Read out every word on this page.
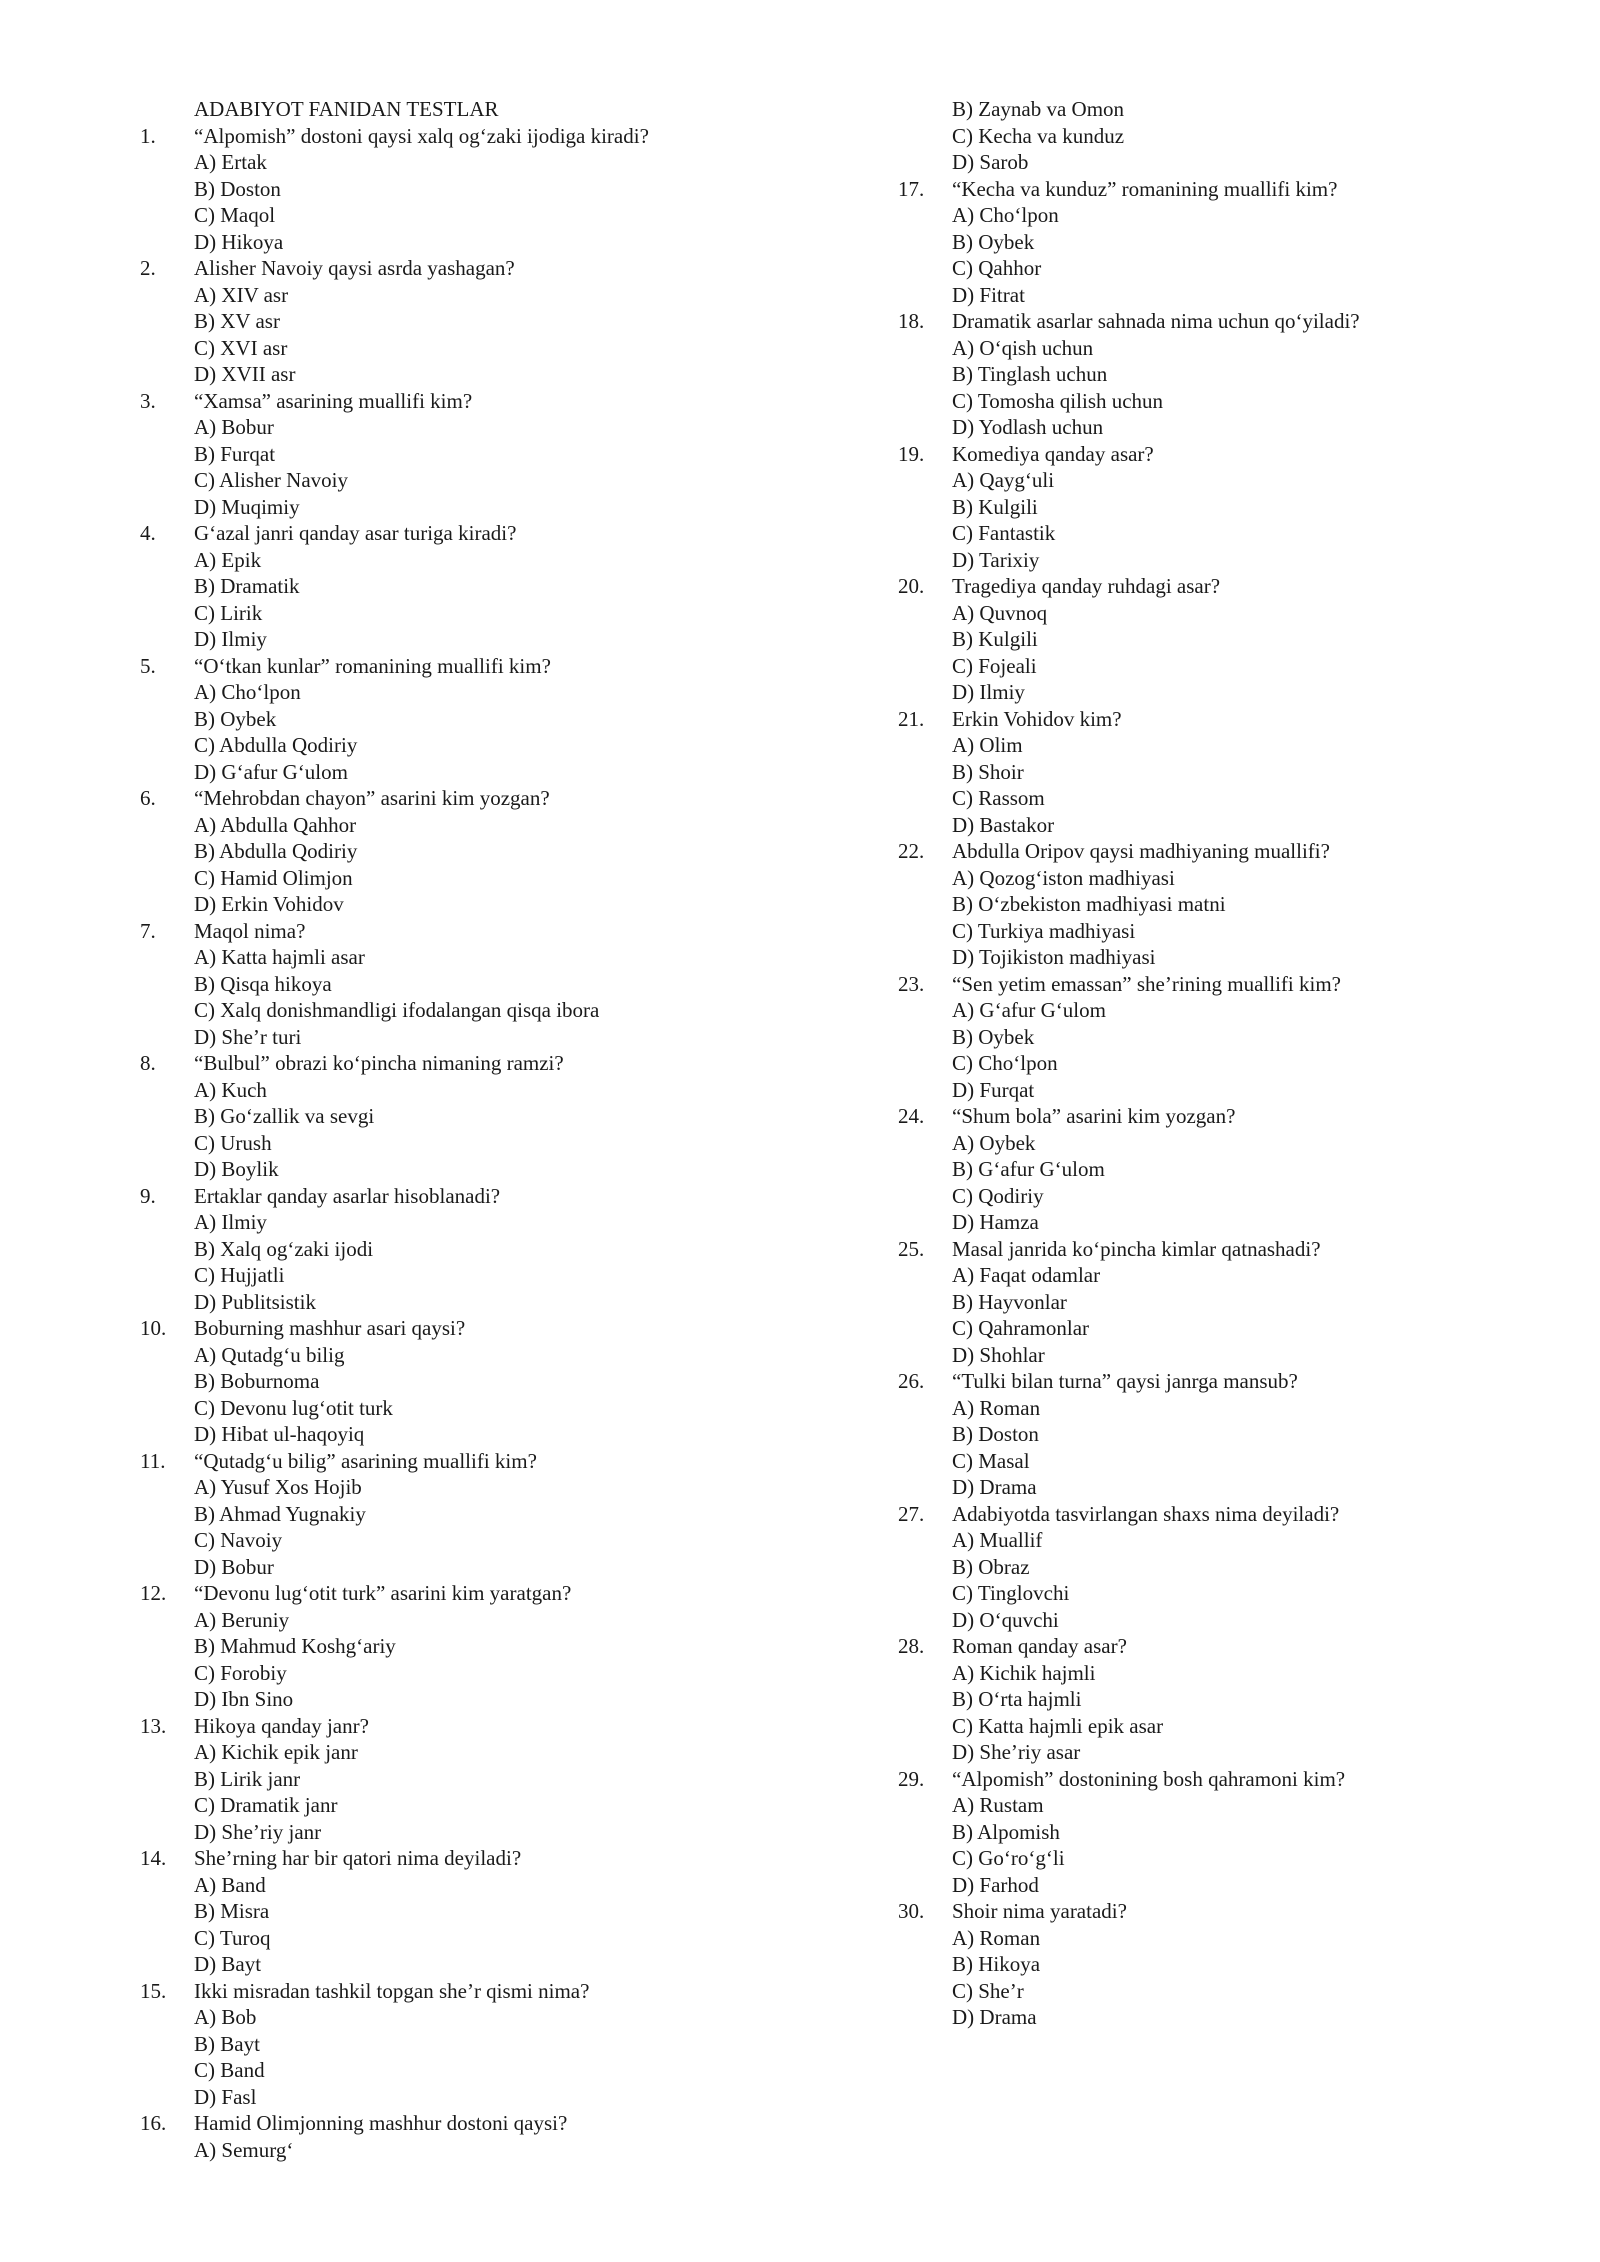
ADABIYOT FANIDAN TESTLAR
1. “Alpomish” dostoni qaysi xalq og‘zaki ijodiga kiradi?
A) Ertak
B) Doston
C) Maqol
D) Hikoya
2. Alisher Navoiy qaysi asrda yashagan?
A) XIV asr
B) XV asr
C) XVI asr
D) XVII asr
3. “Xamsa” asarining muallifi kim?
A) Bobur
B) Furqat
C) Alisher Navoiy
D) Muqimiy
4. G‘azal janri qanday asar turiga kiradi?
A) Epik
B) Dramatik
C) Lirik
D) Ilmiy
5. “O‘tkan kunlar” romanining muallifi kim?
A) Cho‘lpon
B) Oybek
C) Abdulla Qodiriy
D) G‘afur G‘ulom
6. “Mehrobdan chayon” asarini kim yozgan?
A) Abdulla Qahhor
B) Abdulla Qodiriy
C) Hamid Olimjon
D) Erkin Vohidov
7. Maqol nima?
A) Katta hajmli asar
B) Qisqa hikoya
C) Xalq donishmandligi ifodalangan qisqa ibora
D) She’r turi
8. “Bulbul” obrazi ko‘pincha nimaning ramzi?
A) Kuch
B) Go‘zallik va sevgi
C) Urush
D) Boylik
9. Ertaklar qanday asarlar hisoblanadi?
A) Ilmiy
B) Xalq og‘zaki ijodi
C) Hujjatli
D) Publitsistik
10. Boburning mashhur asari qaysi?
A) Qutadg‘u bilig
B) Boburnoma
C) Devonu lug‘otit turk
D) Hibat ul-haqoyiq
11. “Qutadg‘u bilig” asarining muallifi kim?
A) Yusuf Xos Hojib
B) Ahmad Yugnakiy
C) Navoiy
D) Bobur
12. “Devonu lug‘otit turk” asarini kim yaratgan?
A) Beruniy
B) Mahmud Koshg‘ariy
C) Forobiy
D) Ibn Sino
13. Hikoya qanday janr?
A) Kichik epik janr
B) Lirik janr
C) Dramatik janr
D) She’riy janr
14. She’rning har bir qatori nima deyiladi?
A) Band
B) Misra
C) Turoq
D) Bayt
15. Ikki misradan tashkil topgan she’r qismi nima?
A) Bob
B) Bayt
C) Band
D) Fasl
16. Hamid Olimjonning mashhur dostoni qaysi?
A) Semurg‘
B) Zaynab va Omon
C) Kecha va kunduz
D) Sarob
17. “Kecha va kunduz” romanining muallifi kim?
A) Cho‘lpon
B) Oybek
C) Qahhor
D) Fitrat
18. Dramatik asarlar sahnada nima uchun qo‘yiladi?
A) O‘qish uchun
B) Tinglash uchun
C) Tomosha qilish uchun
D) Yodlash uchun
19. Komediya qanday asar?
A) Qayg‘uli
B) Kulgili
C) Fantastik
D) Tarixiy
20. Tragediya qanday ruhdagi asar?
A) Quvnoq
B) Kulgili
C) Fojeali
D) Ilmiy
21. Erkin Vohidov kim?
A) Olim
B) Shoir
C) Rassom
D) Bastakor
22. Abdulla Oripov qaysi madhiyaning muallifi?
A) Qozog‘iston madhiyasi
B) O‘zbekiston madhiyasi matni
C) Turkiya madhiyasi
D) Tojikiston madhiyasi
23. “Sen yetim emassan” she’rining muallifi kim?
A) G‘afur G‘ulom
B) Oybek
C) Cho‘lpon
D) Furqat
24. “Shum bola” asarini kim yozgan?
A) Oybek
B) G‘afur G‘ulom
C) Qodiriy
D) Hamza
25. Masal janrida ko‘pincha kimlar qatnashadi?
A) Faqat odamlar
B) Hayvonlar
C) Qahramonlar
D) Shohlar
26. “Tulki bilan turna” qaysi janrga mansub?
A) Roman
B) Doston
C) Masal
D) Drama
27. Adabiyotda tasvirlangan shaxs nima deyiladi?
A) Muallif
B) Obraz
C) Tinglovchi
D) O‘quvchi
28. Roman qanday asar?
A) Kichik hajmli
B) O‘rta hajmli
C) Katta hajmli epik asar
D) She’riy asar
29. “Alpomish” dostonining bosh qahramoni kim?
A) Rustam
B) Alpomish
C) Go‘ro‘g‘li
D) Farhod
30. Shoir nima yaratadi?
A) Roman
B) Hikoya
C) She’r
D) Drama
